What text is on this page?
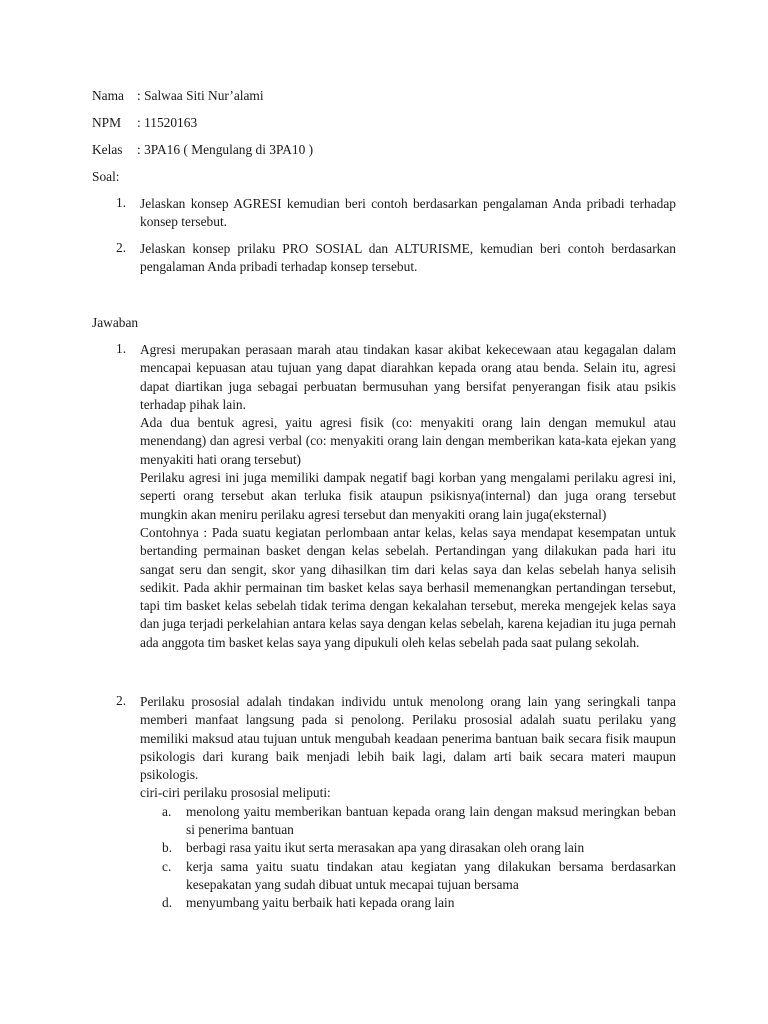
Nama : Salwaa Siti Nur’alami
NPM : 11520163
Kelas : 3PA16 ( Mengulang di 3PA10 )
Soal:
1. Jelaskan konsep AGRESI kemudian beri contoh berdasarkan pengalaman Anda pribadi terhadap konsep tersebut.
2. Jelaskan konsep prilaku PRO SOSIAL dan ALTURISME, kemudian beri contoh berdasarkan pengalaman Anda pribadi terhadap konsep tersebut.
Jawaban
1. Agresi merupakan perasaan marah atau tindakan kasar akibat kekecewaan atau kegagalan dalam mencapai kepuasan atau tujuan yang dapat diarahkan kepada orang atau benda. Selain itu, agresi dapat diartikan juga sebagai perbuatan bermusuhan yang bersifat penyerangan fisik atau psikis terhadap pihak lain.

Ada dua bentuk agresi, yaitu agresi fisik (co: menyakiti orang lain dengan memukul atau menendang) dan agresi verbal (co: menyakiti orang lain dengan memberikan kata-kata ejekan yang menyakiti hati orang tersebut)

Perilaku agresi ini juga memiliki dampak negatif bagi korban yang mengalami perilaku agresi ini, seperti orang tersebut akan terluka fisik ataupun psikisnya(internal) dan juga orang tersebut mungkin akan meniru perilaku agresi tersebut dan menyakiti orang lain juga(eksternal)

Contohnya : Pada suatu kegiatan perlombaan antar kelas, kelas saya mendapat kesempatan untuk bertanding permainan basket dengan kelas sebelah. Pertandingan yang dilakukan pada hari itu sangat seru dan sengit, skor yang dihasilkan tim dari kelas saya dan kelas sebelah hanya selisih sedikit. Pada akhir permainan tim basket kelas saya berhasil memenangkan pertandingan tersebut, tapi tim basket kelas sebelah tidak terima dengan kekalahan tersebut, mereka mengejek kelas saya dan juga terjadi perkelahian antara kelas saya dengan kelas sebelah, karena kejadian itu juga pernah ada anggota tim basket kelas saya yang dipukuli oleh kelas sebelah pada saat pulang sekolah.

2. Perilaku prososial adalah tindakan individu untuk menolong orang lain yang seringkali tanpa memberi manfaat langsung pada si penolong. Perilaku prososial adalah suatu perilaku yang memiliki maksud atau tujuan untuk mengubah keadaan penerima bantuan baik secara fisik maupun psikologis dari kurang baik menjadi lebih baik lagi, dalam arti baik secara materi maupun psikologis.

ciri-ciri perilaku prososial meliputi:

a. menolong yaitu memberikan bantuan kepada orang lain dengan maksud meringkan beban si penerima bantuan
b. berbagi rasa yaitu ikut serta merasakan apa yang dirasakan oleh orang lain
c. kerja sama yaitu suatu tindakan atau kegiatan yang dilakukan bersama berdasarkan kesepakatan yang sudah dibuat untuk mecapai tujuan bersama
d. menyumbang yaitu berbaik hati kepada orang lain
